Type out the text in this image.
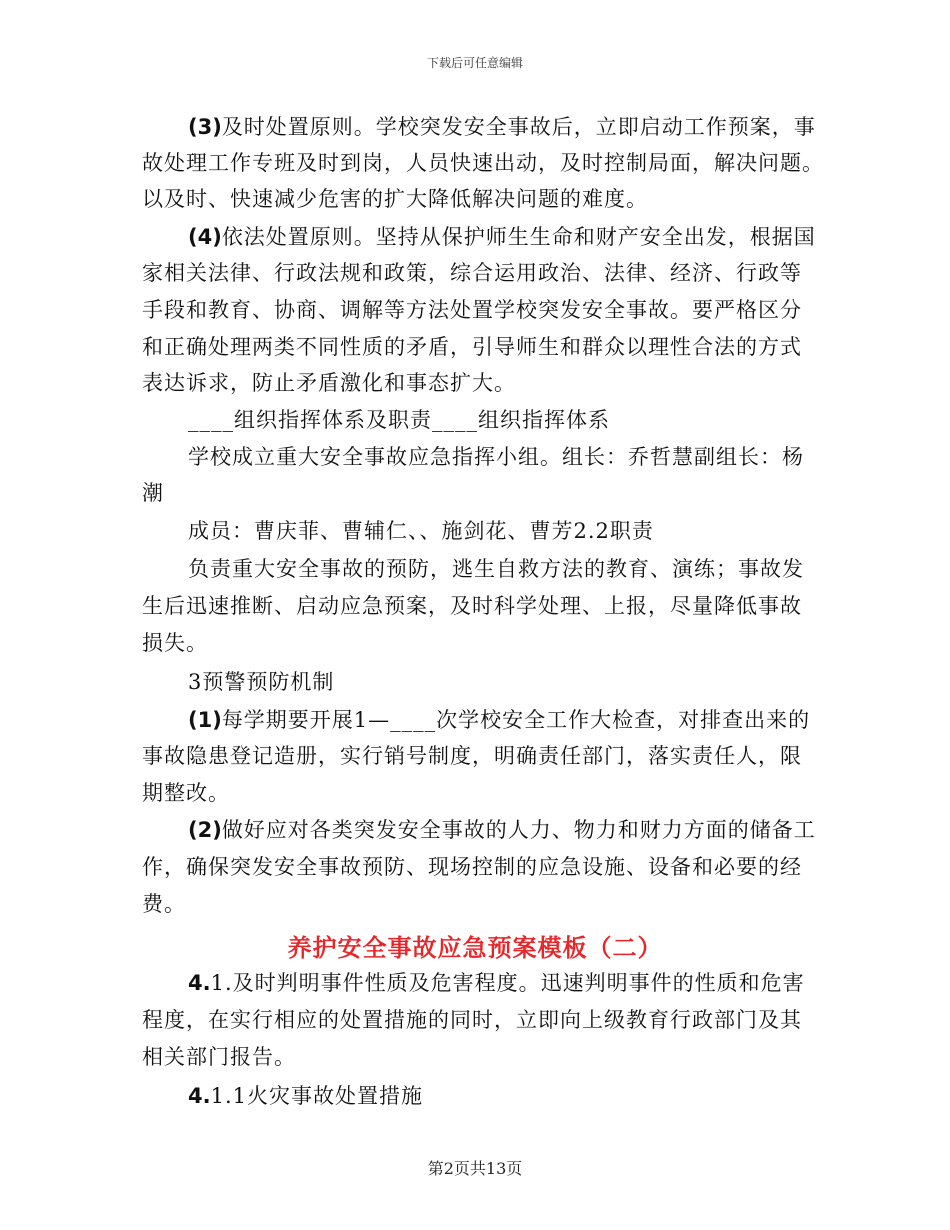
下载后可任意编辑
(3)及时处置原则。学校突发安全事故后，立即启动工作预案，事
故处理工作专班及时到岗，人员快速出动，及时控制局面，解决问题。
以及时、快速减少危害的扩大降低解决问题的难度。
(4)依法处置原则。坚持从保护师生生命和财产安全出发，根据国
家相关法律、行政法规和政策，综合运用政治、法律、经济、行政等
手段和教育、协商、调解等方法处置学校突发安全事故。要严格区分
和正确处理两类不同性质的矛盾，引导师生和群众以理性合法的方式
表达诉求，防止矛盾激化和事态扩大。
____组织指挥体系及职责____组织指挥体系
学校成立重大安全事故应急指挥小组。组长：乔哲慧副组长：杨
潮
成员：曹庆菲、曹辅仁、、施剑花、曹芳2.2职责
负责重大安全事故的预防，逃生自救方法的教育、演练；事故发
生后迅速推断、启动应急预案，及时科学处理、上报，尽量降低事故
损失。
3预警预防机制
(1)每学期要开展1—____次学校安全工作大检查，对排查出来的
事故隐患登记造册，实行销号制度，明确责任部门，落实责任人，限
期整改。
(2)做好应对各类突发安全事故的人力、物力和财力方面的储备工
作，确保突发安全事故预防、现场控制的应急设施、设备和必要的经
费。
养护安全事故应急预案模板（二）
4.1.及时判明事件性质及危害程度。迅速判明事件的性质和危害
程度，在实行相应的处置措施的同时，立即向上级教育行政部门及其
相关部门报告。
4.1.1火灾事故处置措施
第2页共13页
